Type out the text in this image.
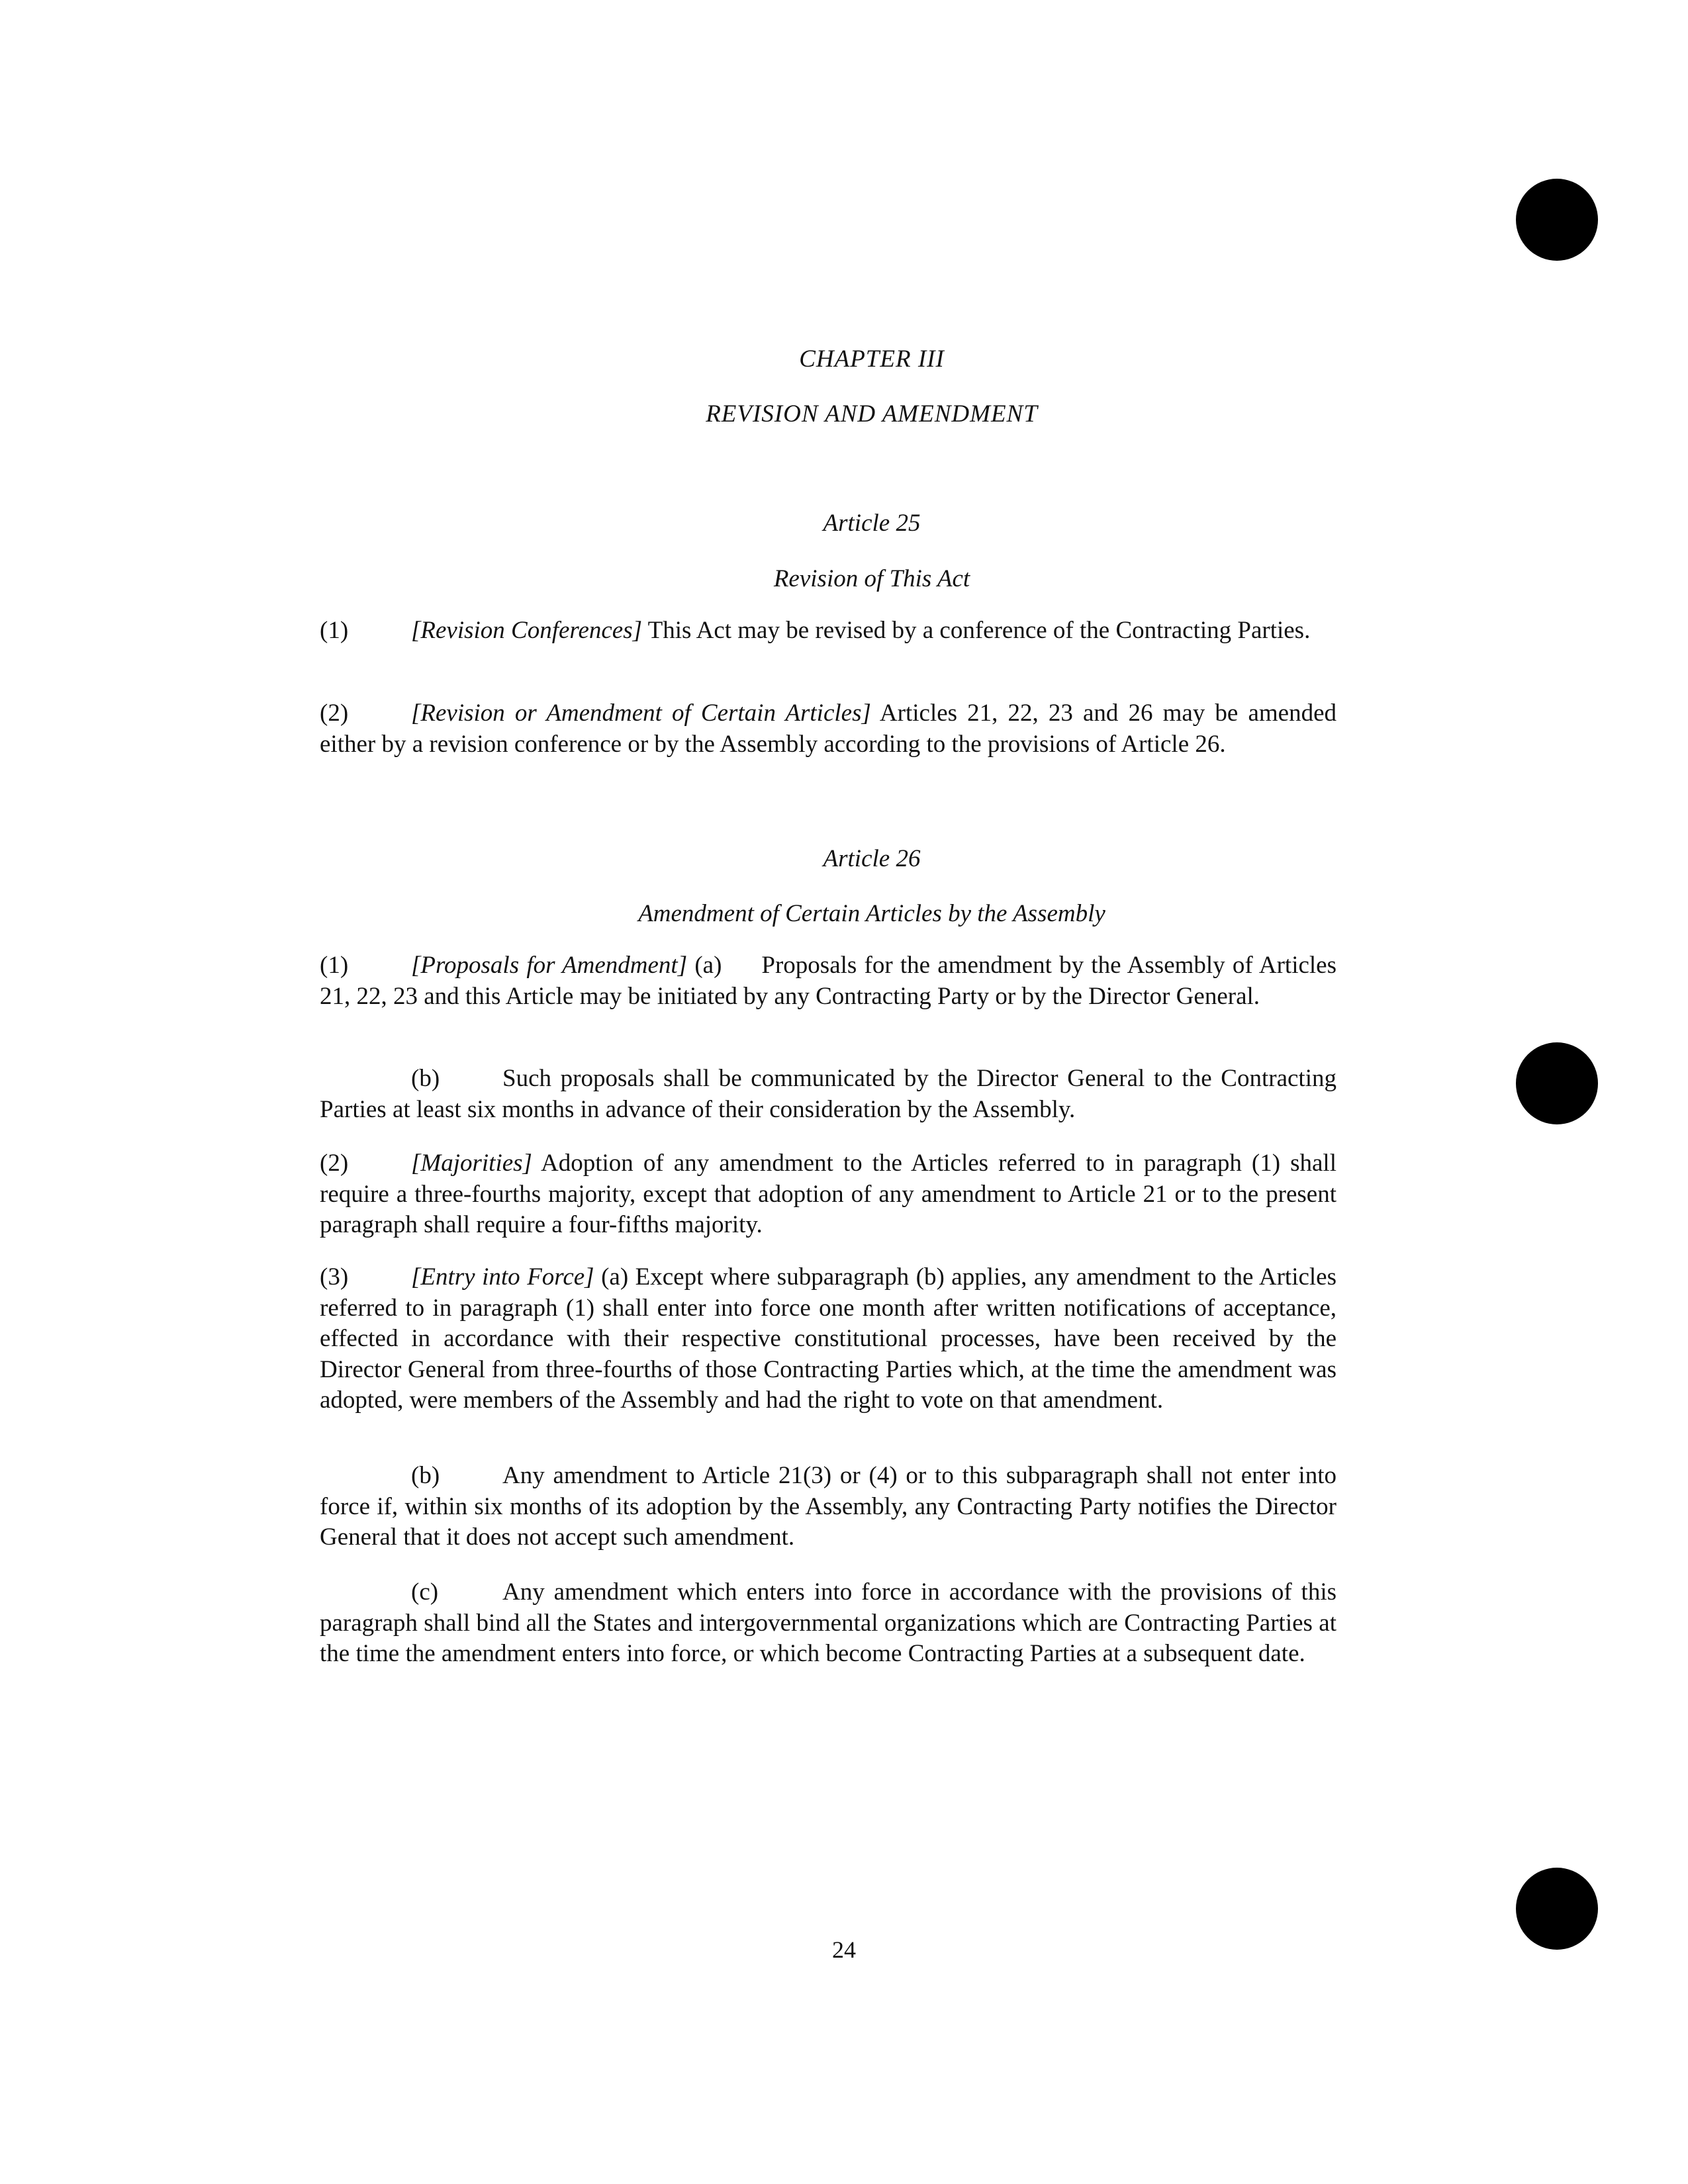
CHAPTER III
REVISION AND AMENDMENT
Article 25
Revision of This Act
(1)	[Revision Conferences] This Act may be revised by a conference of the Contracting Parties.
(2)	[Revision or Amendment of Certain Articles] Articles 21, 22, 23 and 26 may be amended either by a revision conference or by the Assembly according to the provisions of Article 26.
Article 26
Amendment of Certain Articles by the Assembly
(1)	[Proposals for Amendment] (a) Proposals for the amendment by the Assembly of Articles 21, 22, 23 and this Article may be initiated by any Contracting Party or by the Director General.
(b)	Such proposals shall be communicated by the Director General to the Contracting Parties at least six months in advance of their consideration by the Assembly.
(2)	[Majorities] Adoption of any amendment to the Articles referred to in paragraph (1) shall require a three-fourths majority, except that adoption of any amendment to Article 21 or to the present paragraph shall require a four-fifths majority.
(3)	[Entry into Force] (a) Except where subparagraph (b) applies, any amendment to the Articles referred to in paragraph (1) shall enter into force one month after written notifications of acceptance, effected in accordance with their respective constitutional processes, have been received by the Director General from three-fourths of those Contracting Parties which, at the time the amendment was adopted, were members of the Assembly and had the right to vote on that amendment.
(b)	Any amendment to Article 21(3) or (4) or to this subparagraph shall not enter into force if, within six months of its adoption by the Assembly, any Contracting Party notifies the Director General that it does not accept such amendment.
(c)	Any amendment which enters into force in accordance with the provisions of this paragraph shall bind all the States and intergovernmental organizations which are Contracting Parties at the time the amendment enters into force, or which become Contracting Parties at a subsequent date.
24
